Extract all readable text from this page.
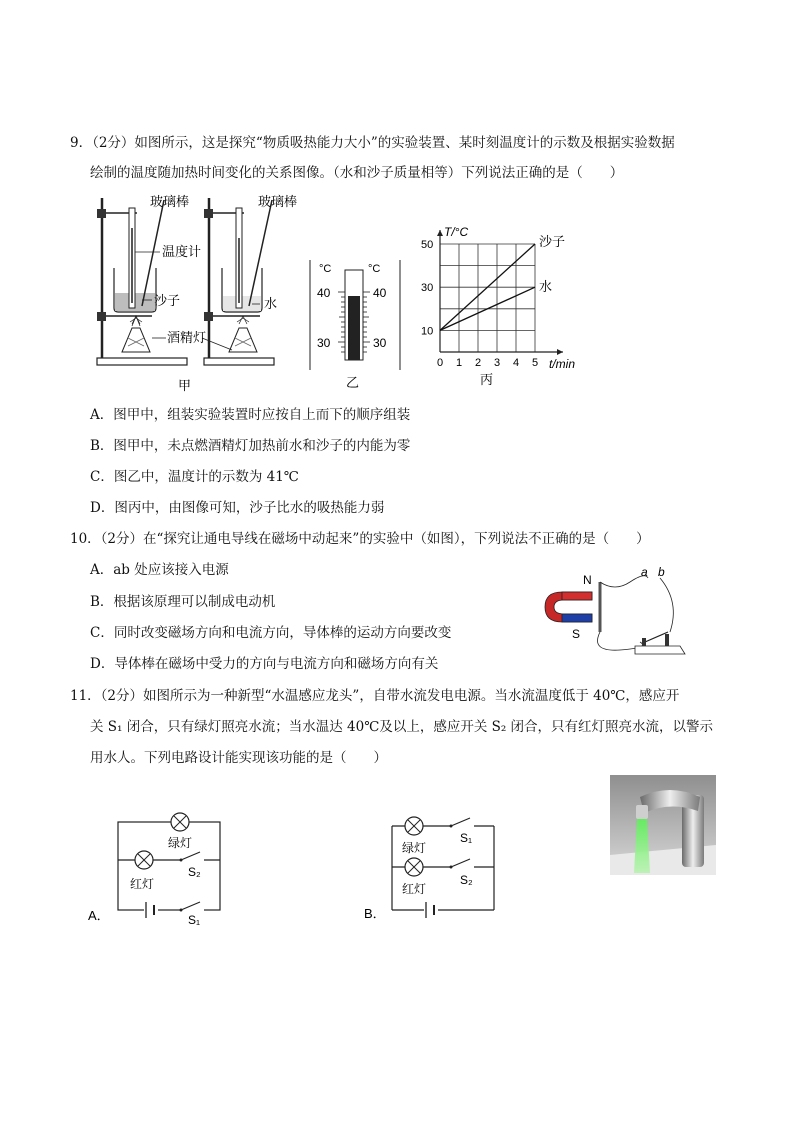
9．（2分）如图所示，这是探究“物质吸热能力大小”的实验装置、某时刻温度计的示数及根据实验数据
绘制的温度随加热时间变化的关系图像。（水和沙子质量相等）下列说法正确的是（　　）
玻璃棒	玻璃棒
温度计
沙子	水
酒精灯
甲
°C	°C
40
30
40
30
乙
0 1 2 3 4 5
10
30
50
T/°C
t/min
沙子
水
丙
A．图甲中，组装实验装置时应按自上而下的顺序组装
B．图甲中，未点燃酒精灯加热前水和沙子的内能为零
C．图乙中，温度计的示数为 41℃
D．图丙中，由图像可知，沙子比水的吸热能力弱
10．（2分）在“探究让通电导线在磁场中动起来”的实验中（如图），下列说法不正确的是（　　）
A．ab 处应该接入电源
B．根据该原理可以制成电动机
C．同时改变磁场方向和电流方向，导体棒的运动方向要改变
D．导体棒在磁场中受力的方向与电流方向和磁场方向有关
N
S
a b
11．（2分）如图所示为一种新型“水温感应龙头”，自带水流发电电源。当水流温度低于 40℃，感应开
关 S₁ 闭合，只有绿灯照亮水流；当水温达 40℃及以上，感应开关 S₂ 闭合，只有红灯照亮水流，以警示
用水人。下列电路设计能实现该功能的是（　　）
绿灯
红灯
S₂
S₁
A．
绿灯
红灯
S₁
S₂
B．
